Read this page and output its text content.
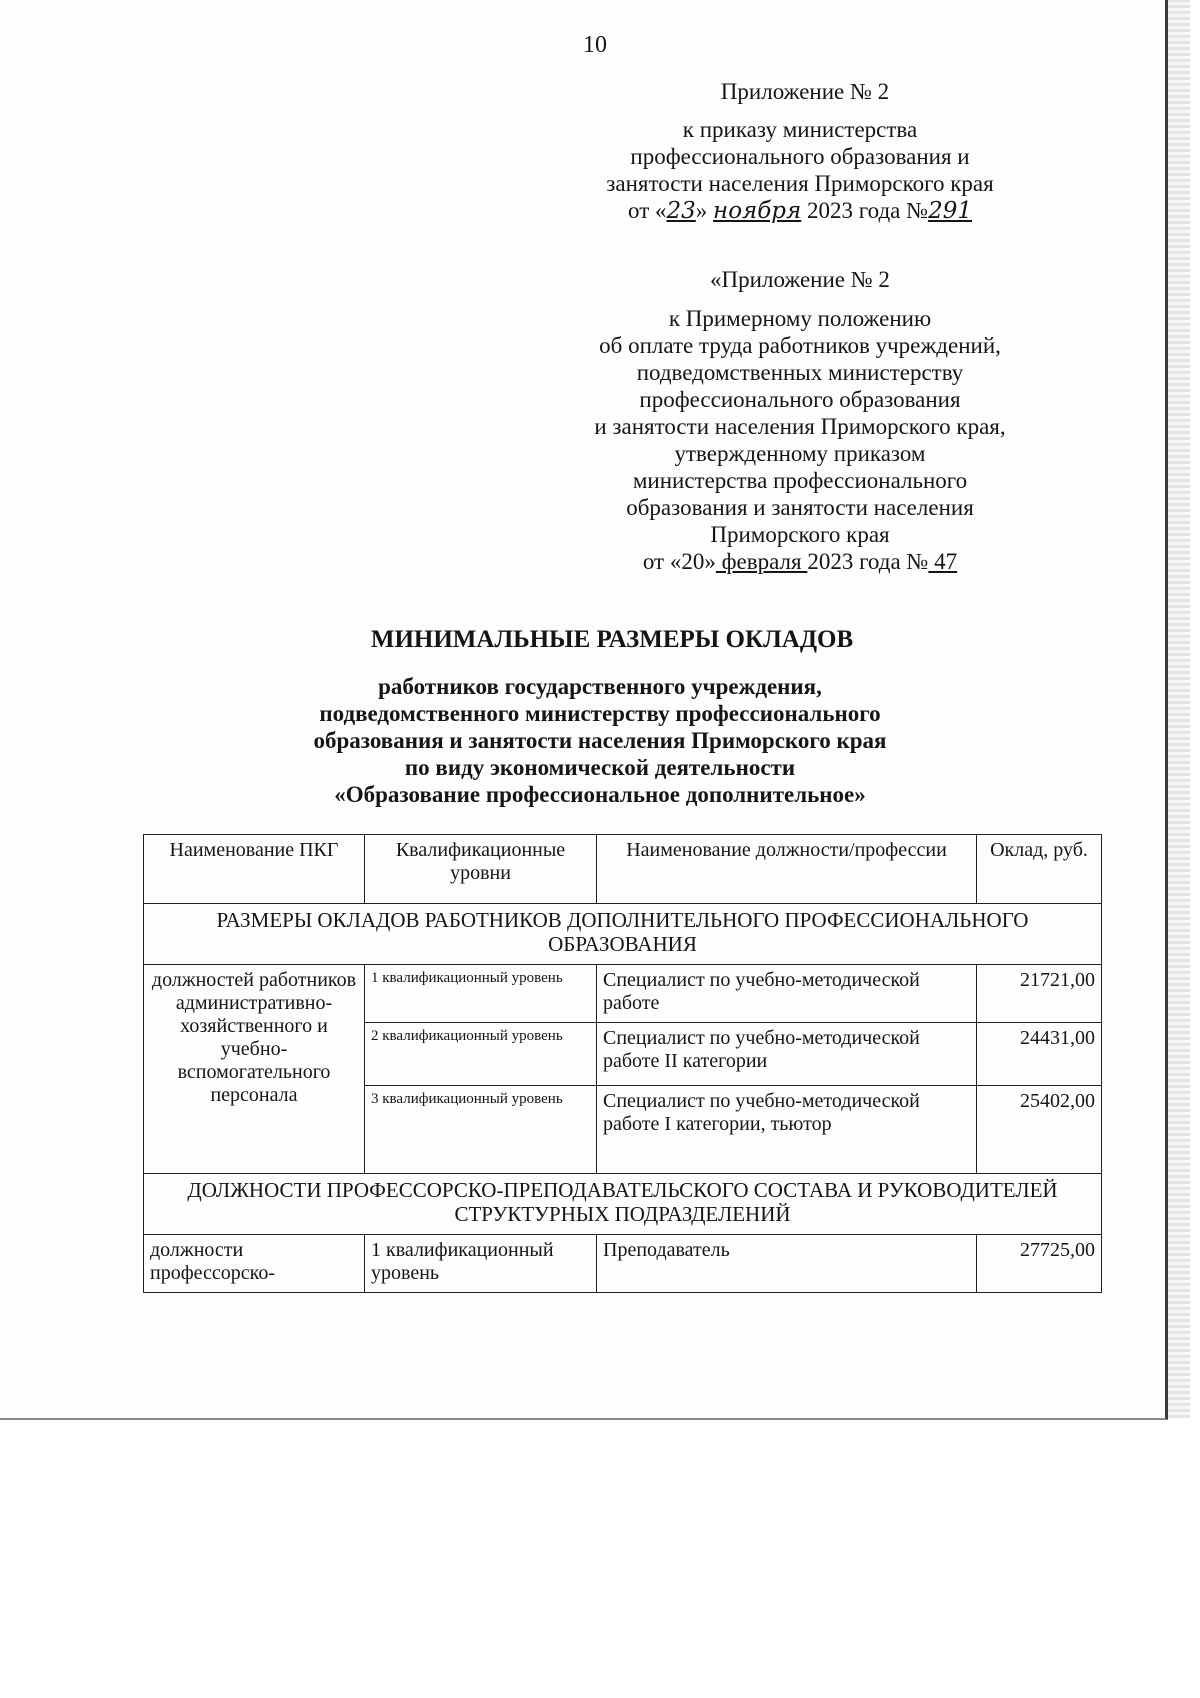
10
Приложение № 2
к приказу министерства
профессионального образования и
занятости населения Приморского края
от «23» ноября 2023 года №291
«Приложение № 2
к Примерному положению
об оплате труда работников учреждений,
подведомственных министерству
профессионального образования
и занятости населения Приморского края,
утвержденному приказом
министерства профессионального
образования и занятости населения
Приморского края
от «20» февраля 2023 года № 47
МИНИМАЛЬНЫЕ РАЗМЕРЫ ОКЛАДОВ
работников государственного учреждения,
подведомственного министерству профессионального
образования и занятости населения Приморского края
по виду экономической деятельности
«Образование профессиональное дополнительное»
Наименование ПКГ	Квалификационные уровни	Наименование должности/профессии	Оклад, руб.
РАЗМЕРЫ ОКЛАДОВ РАБОТНИКОВ ДОПОЛНИТЕЛЬНОГО ПРОФЕССИОНАЛЬНОГО ОБРАЗОВАНИЯ			
должностей работников административно-хозяйственного и учебно-вспомогательного персонала	1 квалификационный уровень	Специалист по учебно-методической работе	21721,00
	2 квалификационный уровень	Специалист по учебно-методической работе II категории	24431,00
	3 квалификационный уровень	Специалист по учебно-методической работе I категории, тьютор	25402,00
ДОЛЖНОСТИ ПРОФЕССОРСКО-ПРЕПОДАВАТЕЛЬСКОГО СОСТАВА И РУКОВОДИТЕЛЕЙ СТРУКТУРНЫХ ПОДРАЗДЕЛЕНИЙ			
должности профессорско-	1 квалификационный уровень	Преподаватель	27725,00
